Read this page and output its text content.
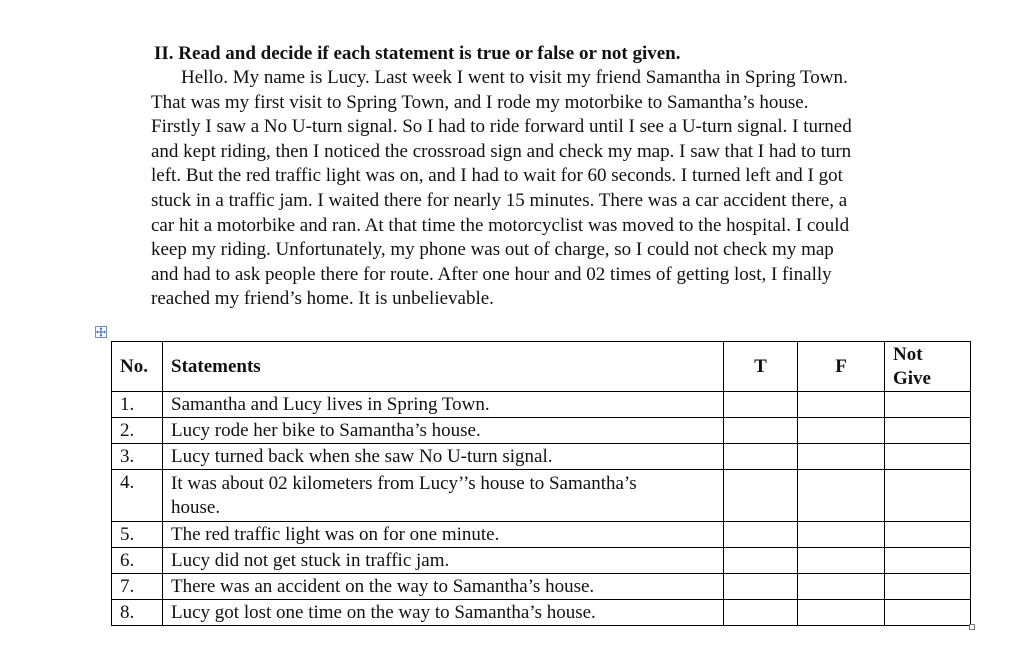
II. Read and decide if each statement is true or false or not given.
Hello. My name is Lucy. Last week I went to visit my friend Samantha in Spring Town.
That was my first visit to Spring Town, and I rode my motorbike to Samantha’s house.
Firstly I saw a No U-turn signal. So I had to ride forward until I see a U-turn signal. I turned
and kept riding, then I noticed the crossroad sign and check my map. I saw that I had to turn
left. But the red traffic light was on, and I had to wait for 60 seconds. I turned left and I got
stuck in a traffic jam. I waited there for nearly 15 minutes. There was a car accident there, a
car hit a motorbike and ran. At that time the motorcyclist was moved to the hospital. I could
keep my riding. Unfortunately, my phone was out of charge, so I could not check my map
and had to ask people there for route. After one hour and 02 times of getting lost, I finally
reached my friend’s home. It is unbelievable.
No.	Statements	T	F	Not
Give
1.	Samantha and Lucy lives in Spring Town.			
2.	Lucy rode her bike to Samantha’s house.			
3.	Lucy turned back when she saw No U-turn signal.			
4.	It was about 02 kilometers from Lucy’’s house to Samantha’s
house.			
5.	The red traffic light was on for one minute.			
6.	Lucy did not get stuck in traffic jam.			
7.	There was an accident on the way to Samantha’s house.			
8.	Lucy got lost one time on the way to Samantha’s house.			
